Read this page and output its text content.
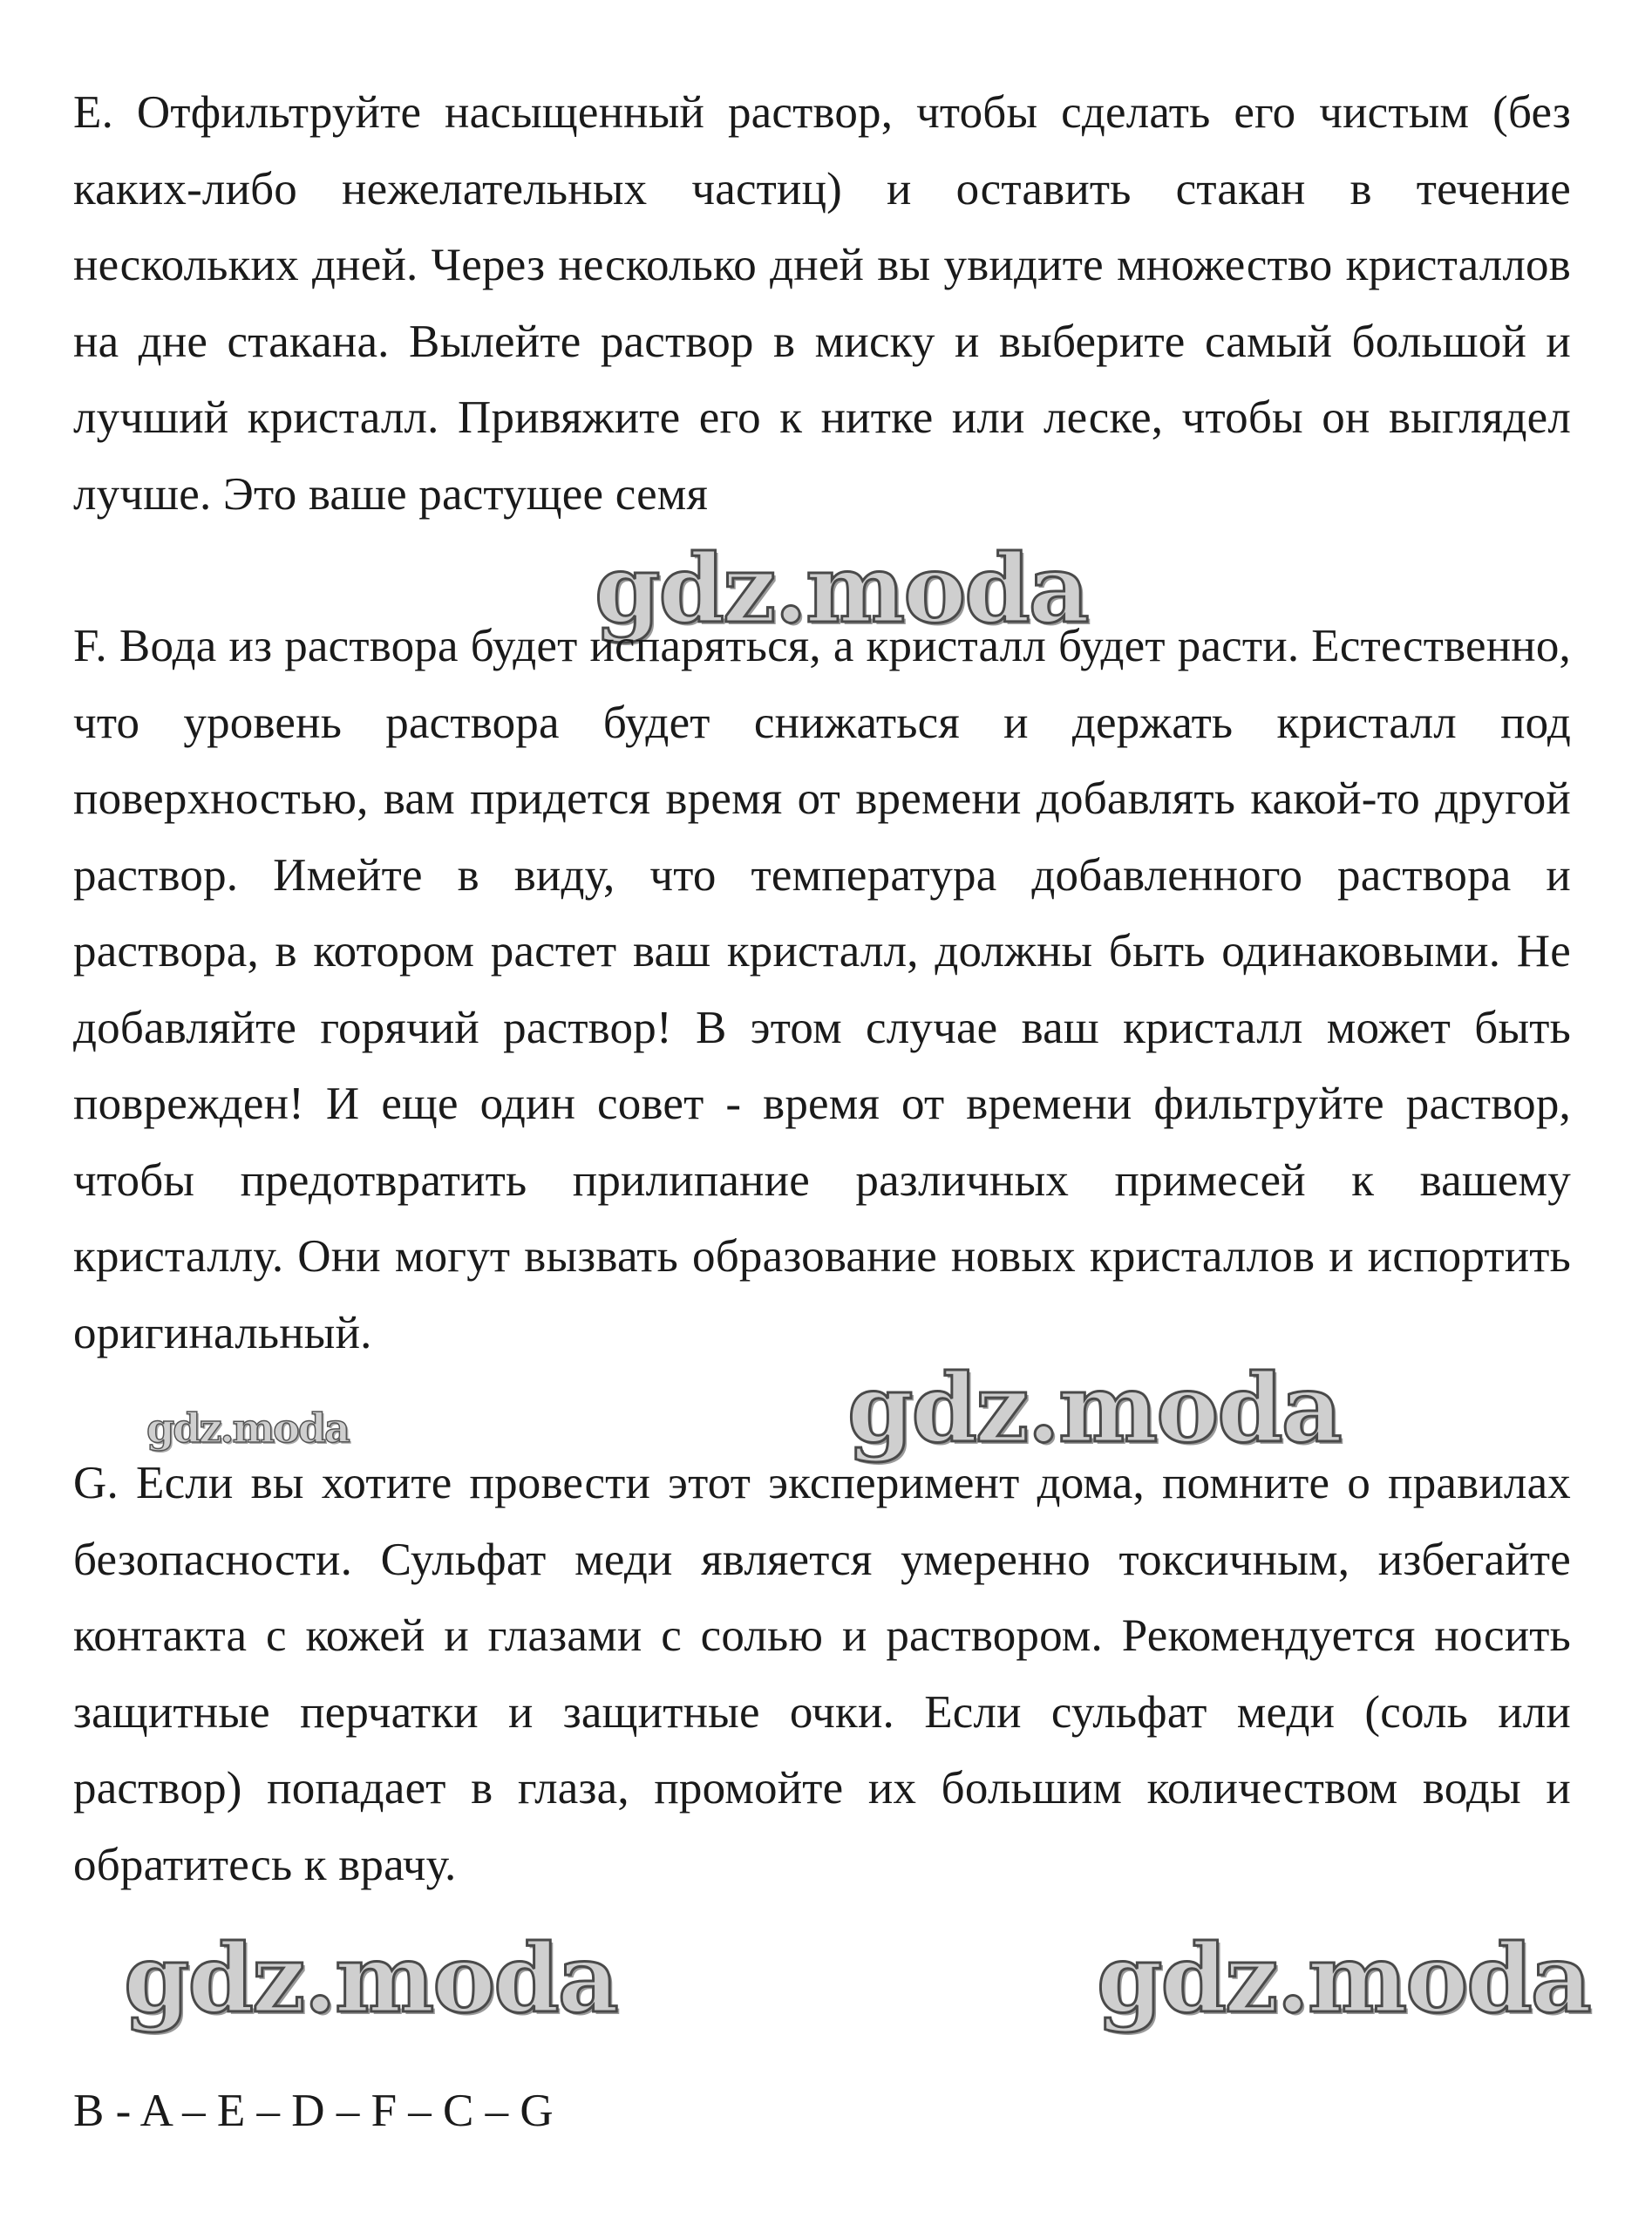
E. Отфильтруйте насыщенный раствор, чтобы сделать его чистым (без каких-либо нежелательных частиц) и оставить стакан в течение нескольких дней. Через несколько дней вы увидите множество кристаллов на дне стакана. Вылейте раствор в миску и выберите самый большой и лучший кристалл. Привяжите его к нитке или леске, чтобы он выглядел лучше. Это ваше растущее семя

gdz.moda

F. Вода из раствора будет испаряться, а кристалл будет расти. Естественно, что уровень раствора будет снижаться и держать кристалл под поверхностью, вам придется время от времени добавлять какой-то другой раствор. Имейте в виду, что температура добавленного раствора и раствора, в котором растет ваш кристалл, должны быть одинаковыми. Не добавляйте горячий раствор! В этом случае ваш кристалл может быть поврежден! И еще один совет - время от времени фильтруйте раствор, чтобы предотвратить прилипание различных примесей к вашему кристаллу. Они могут вызвать образование новых кристаллов и испортить оригинальный.

gdz.moda	gdz.moda

G. Если вы хотите провести этот эксперимент дома, помните о правилах безопасности. Сульфат меди является умеренно токсичным, избегайте контакта с кожей и глазами с солью и раствором. Рекомендуется носить защитные перчатки и защитные очки. Если сульфат меди (соль или раствор) попадает в глаза, промойте их большим количеством воды и обратитесь к врачу.

gdz.moda	gdz.moda

B - A – E – D – F – C – G
